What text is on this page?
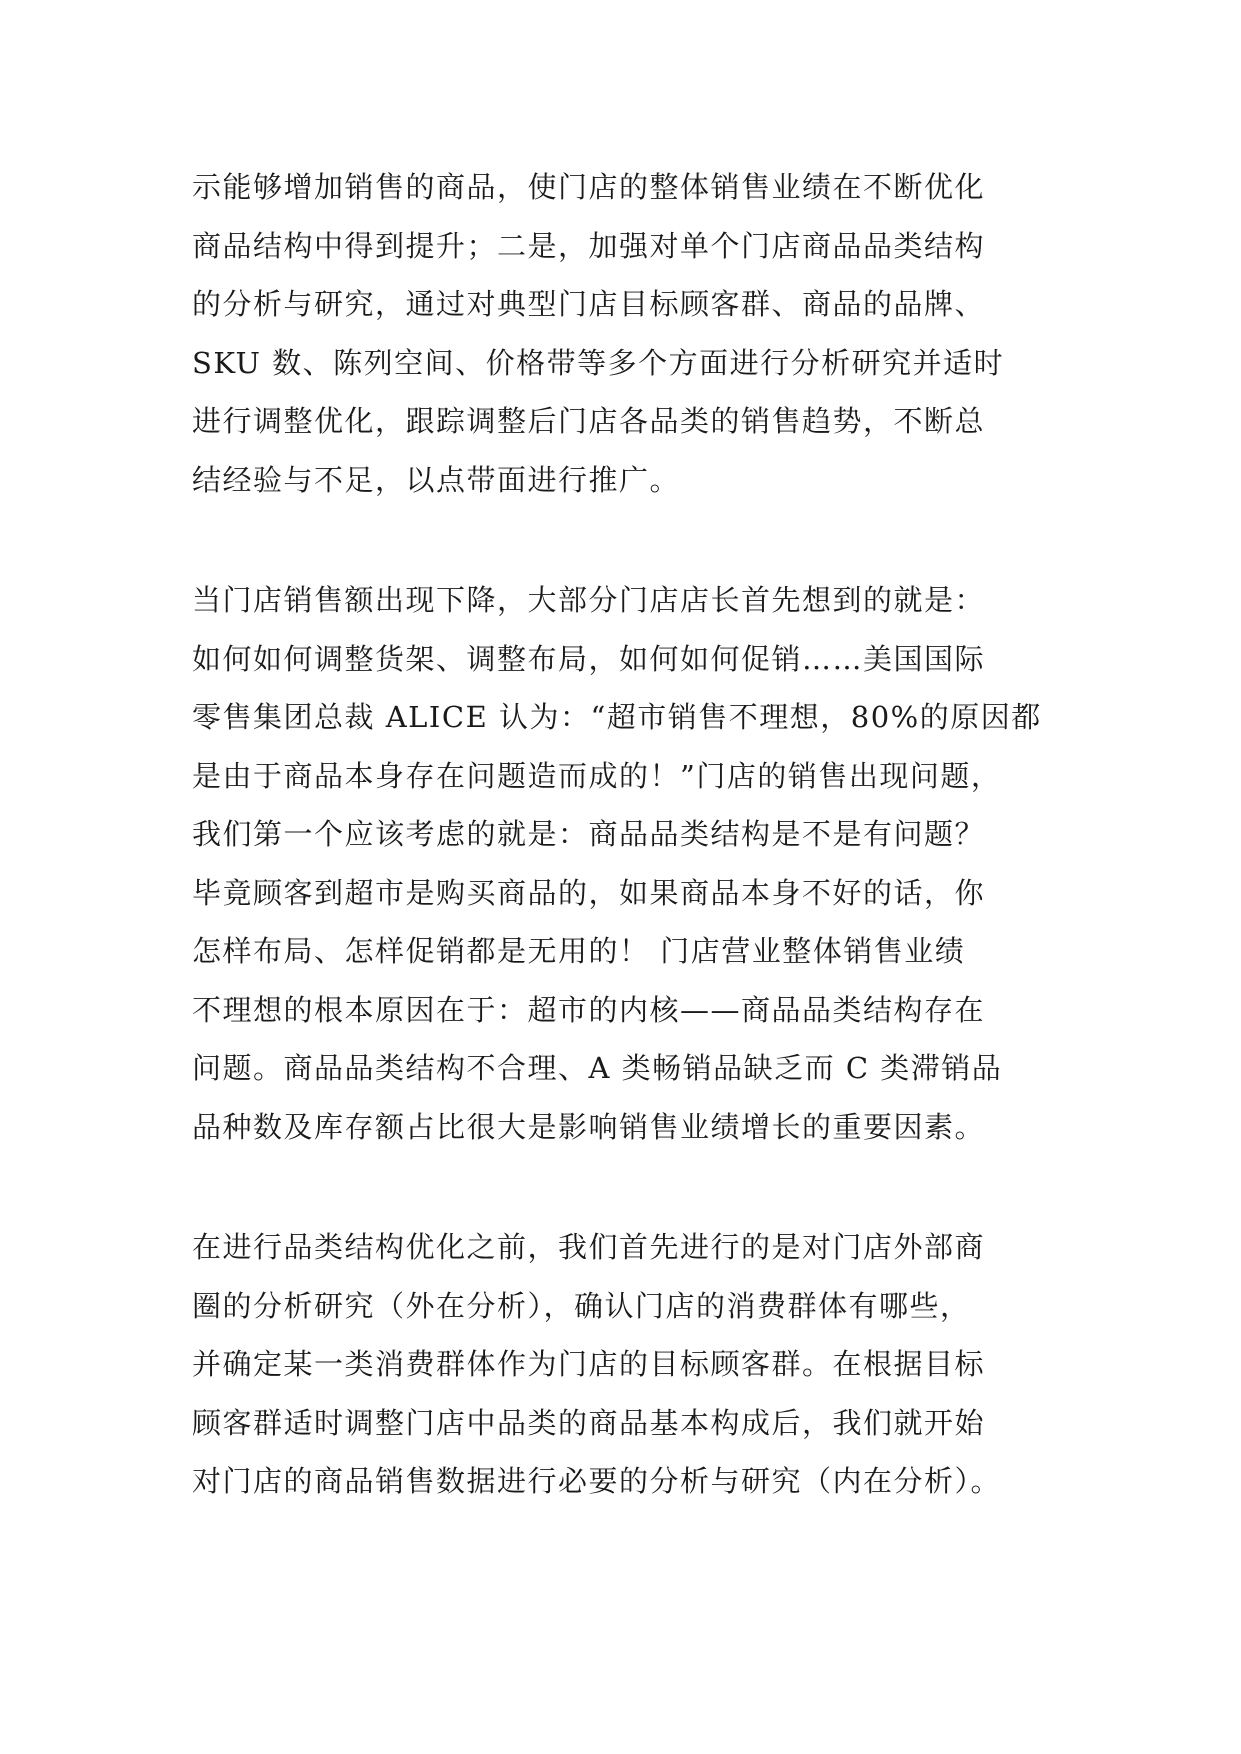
示能够增加销售的商品，使门店的整体销售业绩在不断优化
商品结构中得到提升；二是，加强对单个门店商品品类结构
的分析与研究，通过对典型门店目标顾客群、商品的品牌、
SKU 数、陈列空间、价格带等多个方面进行分析研究并适时
进行调整优化，跟踪调整后门店各品类的销售趋势，不断总
结经验与不足，以点带面进行推广。
当门店销售额出现下降，大部分门店店长首先想到的就是：
如何如何调整货架、调整布局，如何如何促销……美国国际
零售集团总裁 ALICE 认为：“超市销售不理想，80%的原因都
是由于商品本身存在问题造而成的！”门店的销售出现问题，
我们第一个应该考虑的就是：商品品类结构是不是有问题？
毕竟顾客到超市是购买商品的，如果商品本身不好的话，你
怎样布局、怎样促销都是无用的！ 门店营业整体销售业绩
不理想的根本原因在于：超市的内核——商品品类结构存在
问题。商品品类结构不合理、A 类畅销品缺乏而 C 类滞销品
品种数及库存额占比很大是影响销售业绩增长的重要因素。
在进行品类结构优化之前，我们首先进行的是对门店外部商
圈的分析研究（外在分析），确认门店的消费群体有哪些，
并确定某一类消费群体作为门店的目标顾客群。在根据目标
顾客群适时调整门店中品类的商品基本构成后，我们就开始
对门店的商品销售数据进行必要的分析与研究（内在分析）。
